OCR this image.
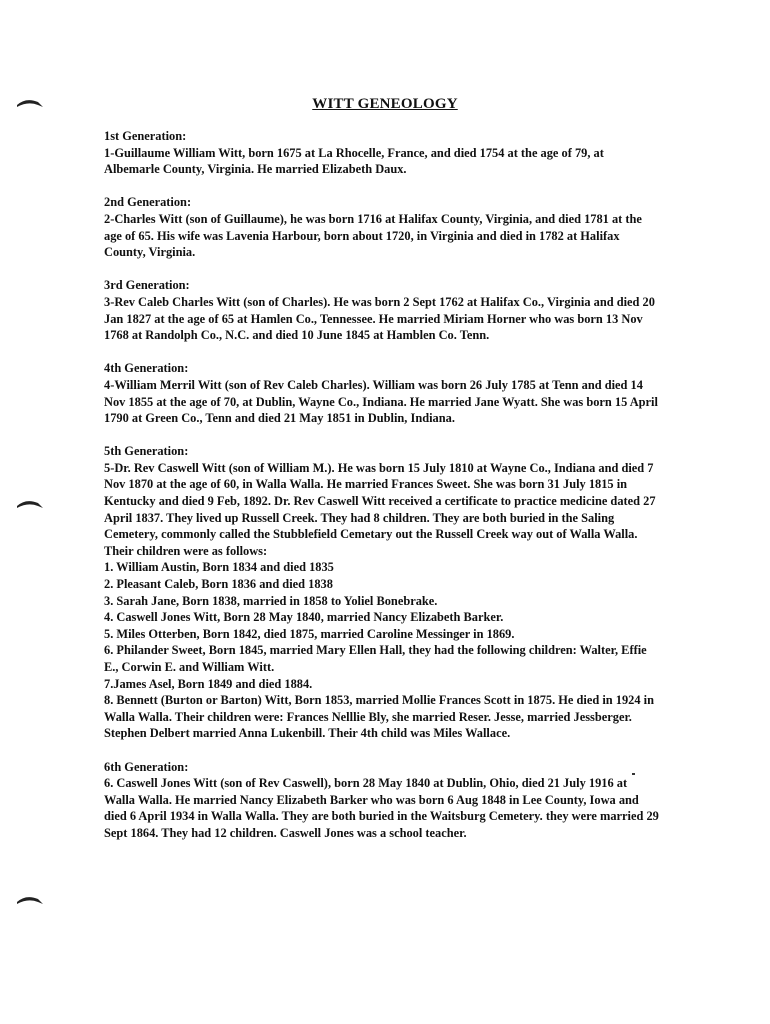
WITT GENEOLOGY
1st Generation:
1-Guillaume William Witt, born 1675 at La Rhocelle, France, and died 1754 at the age of 79, at Albemarle County, Virginia. He married Elizabeth Daux.
2nd Generation:
2-Charles Witt (son of Guillaume), he was born 1716 at Halifax County, Virginia, and died 1781 at the age of 65. His wife was Lavenia Harbour, born about 1720, in Virginia and died in 1782 at Halifax County, Virginia.
3rd Generation:
3-Rev Caleb Charles Witt (son of Charles). He was born 2 Sept 1762 at Halifax Co., Virginia and died 20 Jan 1827 at the age of 65 at Hamlen Co., Tennessee. He married Miriam Horner who was born 13 Nov 1768 at Randolph Co., N.C. and died 10 June 1845 at Hamblen Co. Tenn.
4th Generation:
4-William Merril Witt (son of Rev Caleb Charles). William was born 26 July 1785 at Tenn and died 14 Nov 1855 at the age of 70, at Dublin, Wayne Co., Indiana. He married Jane Wyatt. She was born 15 April 1790 at Green Co., Tenn and died 21 May 1851 in Dublin, Indiana.
5th Generation:
5-Dr. Rev Caswell Witt (son of William M.). He was born 15 July 1810 at Wayne Co., Indiana and died 7 Nov 1870 at the age of 60, in Walla Walla. He married Frances Sweet. She was born 31 July 1815 in Kentucky and died 9 Feb, 1892. Dr. Rev Caswell Witt received a certificate to practice medicine dated 27 April 1837. They lived up Russell Creek. They had 8 children. They are both buried in the Saling Cemetery, commonly called the Stubblefield Cemetary out the Russell Creek way out of Walla Walla. Their children were as follows:
1. William Austin, Born 1834 and died 1835
2. Pleasant Caleb, Born 1836 and died 1838
3. Sarah Jane, Born 1838, married in 1858 to Yoliel Bonebrake.
4. Caswell Jones Witt, Born 28 May 1840, married Nancy Elizabeth Barker.
5. Miles Otterben, Born 1842, died 1875, married Caroline Messinger in 1869.
6. Philander Sweet, Born 1845, married Mary Ellen Hall, they had the following children: Walter, Effie E., Corwin E. and William Witt.
7.James Asel, Born 1849 and died 1884.
8. Bennett (Burton or Barton) Witt, Born 1853, married Mollie Frances Scott in 1875. He died in 1924 in Walla Walla. Their children were: Frances Nelllie Bly, she married Reser. Jesse, married Jessberger. Stephen Delbert married Anna Lukenbill. Their 4th child was Miles Wallace.
6th Generation:
6. Caswell Jones Witt (son of Rev Caswell), born 28 May 1840 at Dublin, Ohio, died 21 July 1916 at Walla Walla. He married Nancy Elizabeth Barker who was born 6 Aug 1848 in Lee County, Iowa and died 6 April 1934 in Walla Walla. They are both buried in the Waitsburg Cemetery. they were married 29 Sept 1864. They had 12 children. Caswell Jones was a school teacher.
